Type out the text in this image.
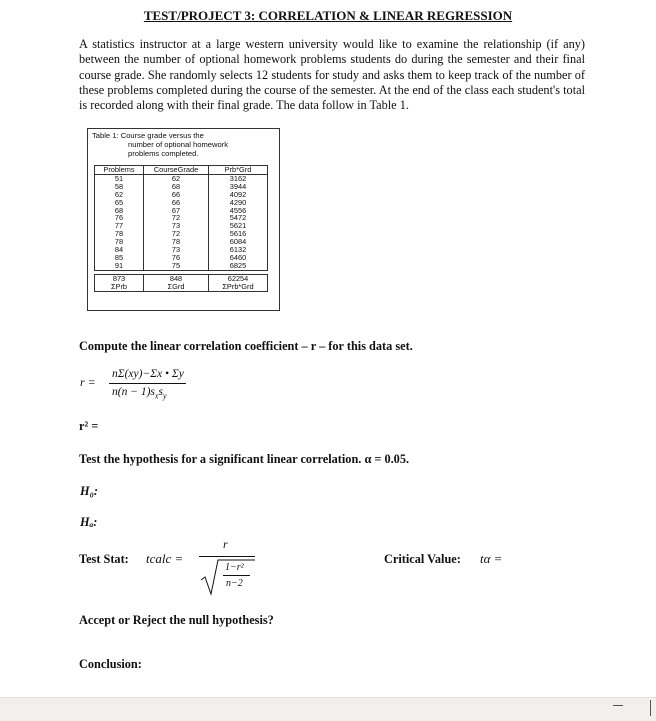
TEST/PROJECT 3: CORRELATION & LINEAR REGRESSION
A statistics instructor at a large western university would like to examine the relationship (if any) between the number of optional homework problems students do during the semester and their final course grade. She randomly selects 12 students for study and asks them to keep track of the number of these problems completed during the course of the semester. At the end of the class each student's total is recorded along with their final grade. The data follow in Table 1.
Table 1: Course grade versus the
number of optional homework
problems completed.
Problems	CourseGrade	Prb*Grd
51	62	3162
58	68	3944
62	66	4092
65	66	4290
68	67	4556
76	72	5472
77	73	5621
78	72	5616
78	78	6084
84	73	6132
85	76	6460
91	75	6825

873	848	62254
ΣPrb	ΣGrd	ΣPrb*Grd
Compute the linear correlation coefficient – r – for this data set.
r =
nΣ(xy)−Σx • Σy
$n(n - 1)s_xs_y$
r² =
Test the hypothesis for a significant linear correlation. α = 0.05.
H₀:
Hₐ:
Test Stat: tcalc =
r
1−r²
n−2
Critical Value: tα =
Accept or Reject the null hypothesis?
Conclusion:
